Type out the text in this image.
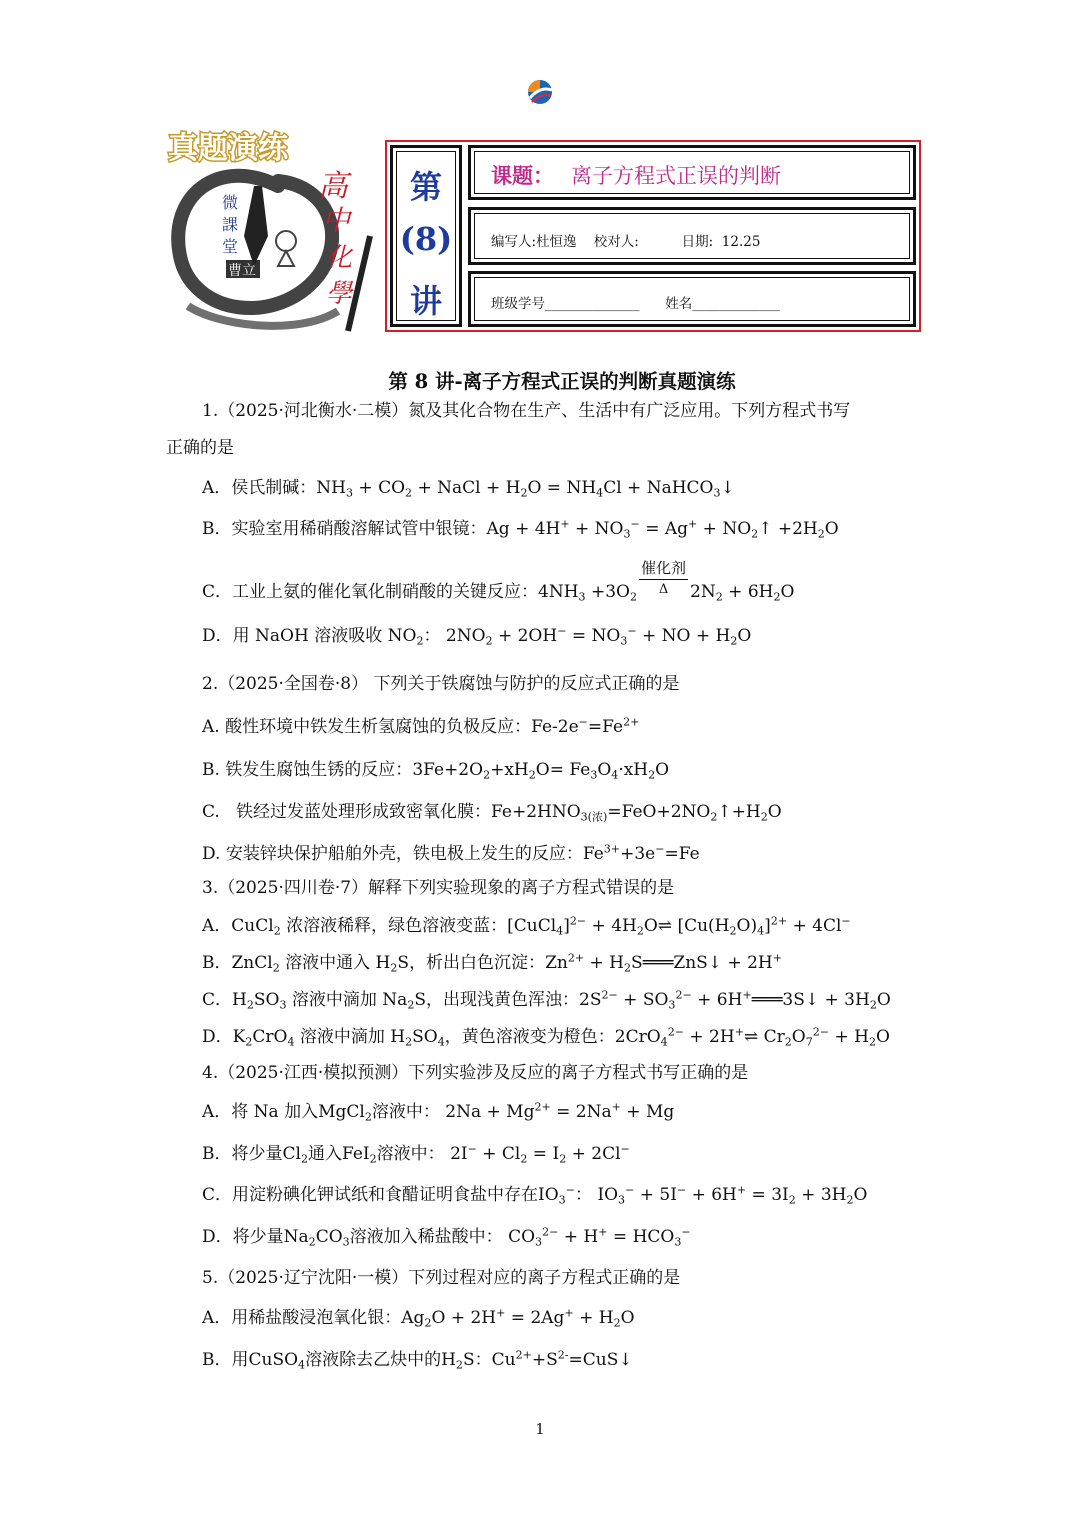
真题演练
微
課
堂
曹立
高
中
化
學
第
(8)
讲
课题： 离子方程式正误的判断
编写人:杜恒逸    校对人:          日期:  12.25
班级学号______________      姓名_____________
第 8 讲-离子方程式正误的判断真题演练
1.（2025·河北衡水·二模）氮及其化合物在生产、生活中有广泛应用。下列方程式书写
正确的是
A．侯氏制碱：$NH_3 + CO_2$ + NaCl + $H_2O = NH_4Cl$ + NaHCO$_3$↓
B．实验室用稀硝酸溶解试管中银镜：$Ag + 4H^+ + NO_3^- = Ag^+$ + $NO_2↑ +2H_2O$
C．工业上氨的催化氧化制硝酸的关键反应：$4NH_3 +3O_2 \frac{\text{催化剂}}{\Delta} 2N_2 + 6H_2O$
D．用 NaOH 溶液吸收 $NO_2$： $2NO_2 + 2OH^- = NO_3^-$ + NO + $H_2O$
2.（2025·全国卷·8） 下列关于铁腐蚀与防护的反应式正确的是
A. 酸性环境中铁发生析氢腐蚀的负极反应：$Fe-2e^-=Fe^{2+}$
B. 铁发生腐蚀生锈的反应：$3Fe+2O_2+xH_2O= Fe_3O_4\cdot xH_2O$
C.   铁经过发蓝处理形成致密氧化膜：$Fe+2HNO_{3(浓)}=FeO+2NO_2↑+H_2O$
D. 安装锌块保护船舶外壳，铁电极上发生的反应：$Fe^{3+}+3e^-=Fe$
3.（2025·四川卷·7）解释下列实验现象的离子方程式错误的是
A．CuCl$_2$ 浓溶液稀释，绿色溶液变蓝：[CuCl$_4$]$^{2-}$ + $4H_2O\rightleftharpoons$ $[Cu(H_2O)_4]^{2+} + 4Cl^-$
B．ZnCl$_2$ 溶液中通入 $H_2S$，析出白色沉淀：$Zn^{2+}$ + $H_2S═══ZnS↓ + 2H^+$
C．$H_2SO_3$ 溶液中滴加 $Na_2S$，出现浅黄色浑浊：$2S^{2-} + SO_3^{2-}$ + 6H+═══3S↓ + $3H_2O$
D．$K_2CrO_4$ 溶液中滴加 $H_2SO_4$，黄色溶液变为橙色：2CrO$_4^{2-}$ + 2H+⇌ $Cr_2O_7^{2-} + H_2O$
4.（2025·江西·模拟预测）下列实验涉及反应的离子方程式书写正确的是
A．将 Na 加入MgCl$_2$溶液中： $2Na + Mg^{2+} = 2Na^+ + Mg$
B．将少量$Cl_2$通入FeI$_2$溶液中： $2I^- + Cl_2 = I_2 + 2Cl^-$
C．用淀粉碘化钾试纸和食醋证明食盐中存在$IO_3^-$： $IO_3^- + 5I^- + 6H^+ = 3I_2 + 3H_2O$
D．将少量$Na_2CO_3$溶液加入稀盐酸中： $CO_3^{2-} + H^+ = HCO_3^-$
5.（2025·辽宁沈阳·一模）下列过程对应的离子方程式正确的是
A．用稀盐酸浸泡氧化银：$Ag_2O + 2H^+ = 2Ag^+ + H_2O$
B．用CuSO$_4$溶液除去乙炔中的$H_2S$：$Cu^{2+}+S^{2-}=CuS↓$
1
